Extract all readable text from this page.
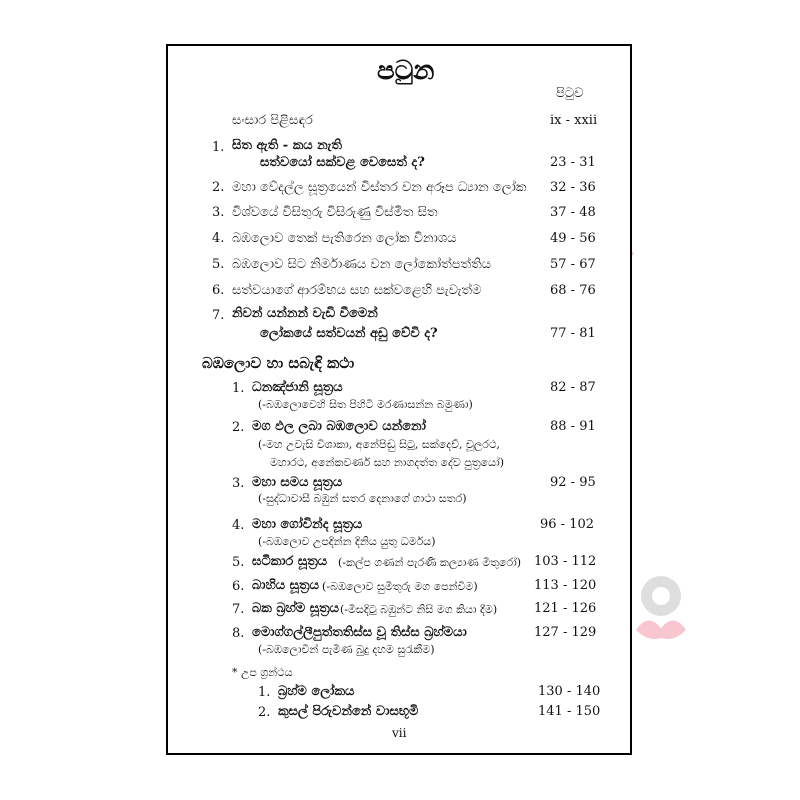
පටුන
පිටුව
සංසාර පිළිසඳර	ix - xxii
1. සිත ඇති - කය නැති
සත්වයෝ සක්වළ වෙසෙත් ද?	23 - 31
2. මහා වේදල්ල සූත්‍රයෙන් විස්තර වන අරූප ධ්‍යාන ලෝක 32 - 36
3. විශ්වයේ විසිතුරු විසිරුණු විස්මිත සිත	37 - 48
4. බඹලොව තෙක් පැතිරෙන ලෝක විනාශය	49 - 56
5. බඹලොව සිට නිර්මාණය වන ලෝකෝත්පත්තිය	57 - 67
6. සත්වයාගේ ආරම්භය සහ සක්වළෙහි පැවැත්ම	68 - 76
7. නිවන් යන්නන් වැඩි වීමෙන්
ලෝකයේ සත්වයන් අඩු වේවි ද?	77 - 81
බඹලොව හා සබැඳි කථා
1. ධනඤ්ජානි සූත්‍රය	82 - 87
(-බඹලොවෙහි සිත පිහිටි මරණාසන්න බමුණා)
2. මග ඵල ලබා බඹලොව යන්නෝ	88 - 91
(-මහ උවැසි විශාකා, අනේපිඬු සිටු, සක්දෙව්, චූලරථ,
මහාරථ, අනේකවර්ණ සහ නාගදත්ත දේව පුත්‍රයෝ)
3. මහා සමය සූත්‍රය	92 - 95
(-සුද්ධාවාසී බඹුන් සතර දෙනාගේ ගාථා සතර)
4. මහා ගෝවින්ද සූත්‍රය	96 - 102
(-බඹලොව උපදින්න දිනිය යුතු ධර්මය)
5. ඝටීකාර සූත්‍රය (-කල්ප ගණන් පැරණි කල්‍යාණ මිතුරෝ) 103 - 112
6. බාහිය සූත්‍රය (-බඹලොව සුමිතුරු මග පෙන්වීම)	113 - 120
7. බක බ්‍රහ්ම සූත්‍රය (-මිසදිටු බඹුන්ට නිසි මග කියා දීම)	121 - 126
8. මොග්ගල්ලීපුත්තතිස්ස වූ තිස්ස බ්‍රහ්මයා	127 - 129
(-බඹලොවින් පැමිණ බුදු දහම සුරැකීම)
* උප ග්‍රන්ථය
1. බ්‍රහ්ම ලෝකය	130 - 140
2. කුසල් පිරුවන්නේ වාසභූමි	141 - 150
vii
